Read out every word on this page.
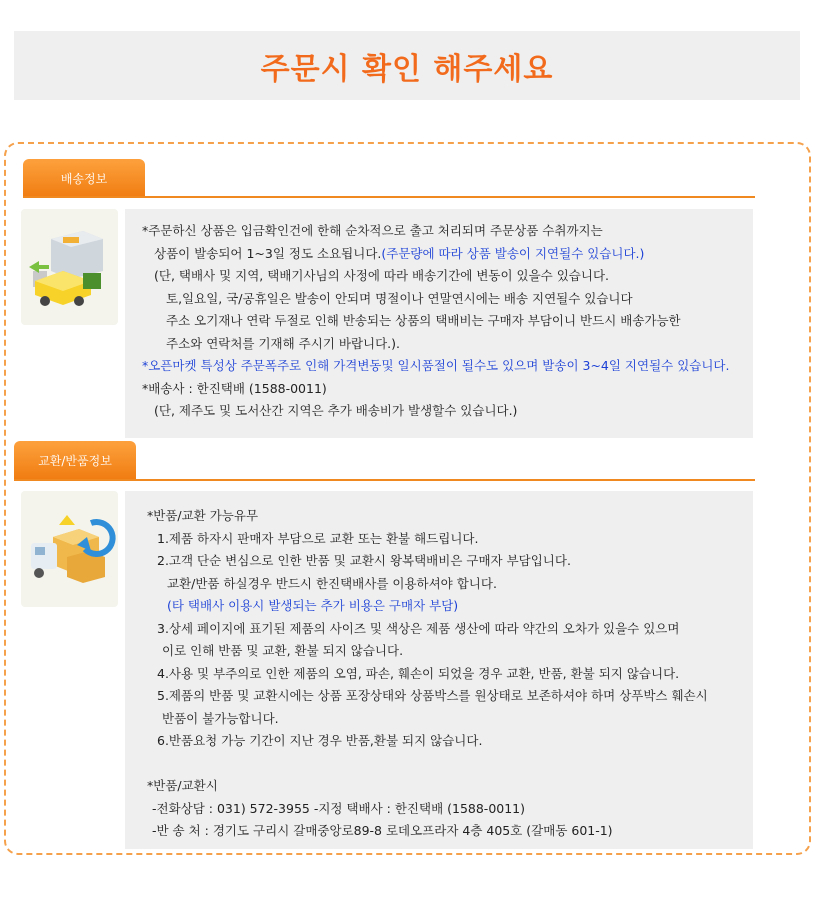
주문시 확인 해주세요
배송정보

*주문하신 상품은 입금확인건에 한해 순차적으로 출고 처리되며 주문상품 수취까지는

상품이 발송되어 1~3일 정도 소요됩니다.(주문량에 따라 상품 발송이 지연될수 있습니다.)

(단, 택배사 및 지역, 택배기사님의 사정에 따라 배송기간에 변동이 있을수 있습니다.

토,일요일, 국/공휴일은 발송이 안되며 명절이나 연말연시에는 배송 지연될수 있습니다

주소 오기재나 연락 두절로 인해 반송되는 상품의 택배비는 구매자 부담이니 반드시 배송가능한

주소와 연락처를 기재해 주시기 바랍니다.).

*오픈마켓 특성상 주문폭주로 인해 가격변동및 일시품절이 될수도 있으며 발송이 3~4일 지연될수 있습니다.

*배송사 : 한진택배 (1588-0011)

(단, 제주도 및 도서산간 지역은 추가 배송비가 발생할수 있습니다.)

교환/반품정보

*반품/교환 가능유무

1.제품 하자시 판매자 부담으로 교환 또는 환불 해드립니다.

2.고객 단순 변심으로 인한 반품 및 교환시 왕복택배비은 구매자 부담입니다.

교환/반품 하실경우 반드시 한진택배사를 이용하셔야 합니다.

(타 택배사 이용시 발생되는 추가 비용은 구매자 부담)

3.상세 페이지에 표기된 제품의 사이즈 및 색상은 제품 생산에 따라 약간의 오차가 있을수 있으며

이로 인해 반품 및 교환, 환불 되지 않습니다.

4.사용 및 부주의로 인한 제품의 오염, 파손, 훼손이 되었을 경우 교환, 반품, 환불 되지 않습니다.

5.제품의 반품 및 교환시에는 상품 포장상태와 상품박스를 원상태로 보존하셔야 하며 상푸박스 훼손시

반품이 불가능합니다.

6.반품요청 가능 기간이 지난 경우 반품,환불 되지 않습니다.

*반품/교환시

-전화상담 : 031) 572-3955 -지정 택배사 : 한진택배 (1588-0011)

-반 송 처 : 경기도 구리시 갈매중앙로89-8 로데오프라자 4층 405호 (갈매동 601-1)
